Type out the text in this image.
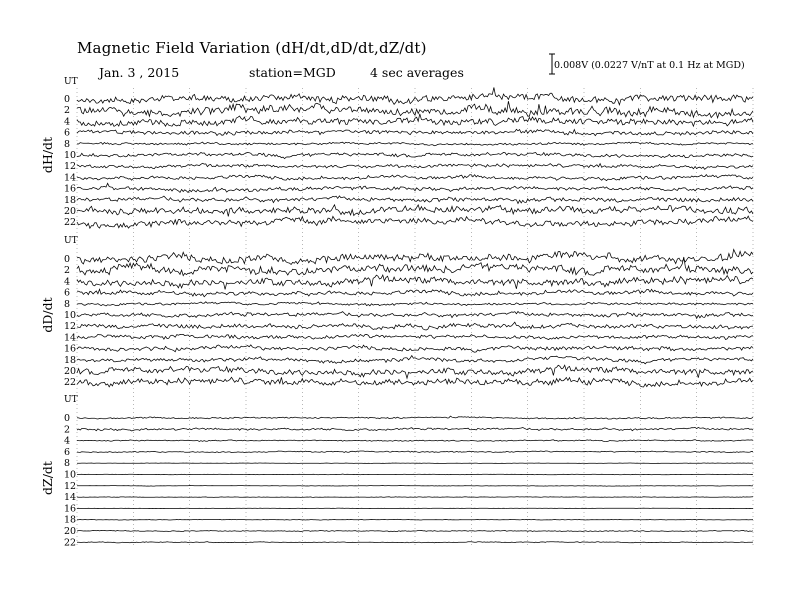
Magnetic Field Variation (dH/dt,dD/dt,dZ/dt)
Jan. 3 , 2015	station=MGD	4 sec averages	0.008V (0.0227 V/nT at 0.1 Hz at MGD)
UT
dH/dt
0
2
4
6
8
10
12
14
16
18
20
22
UT
dD/dt
0
2
4
6
8
10
12
14
16
18
20
22
UT
dZ/dt
0
2
4
6
8
10
12
14
16
18
20
22
